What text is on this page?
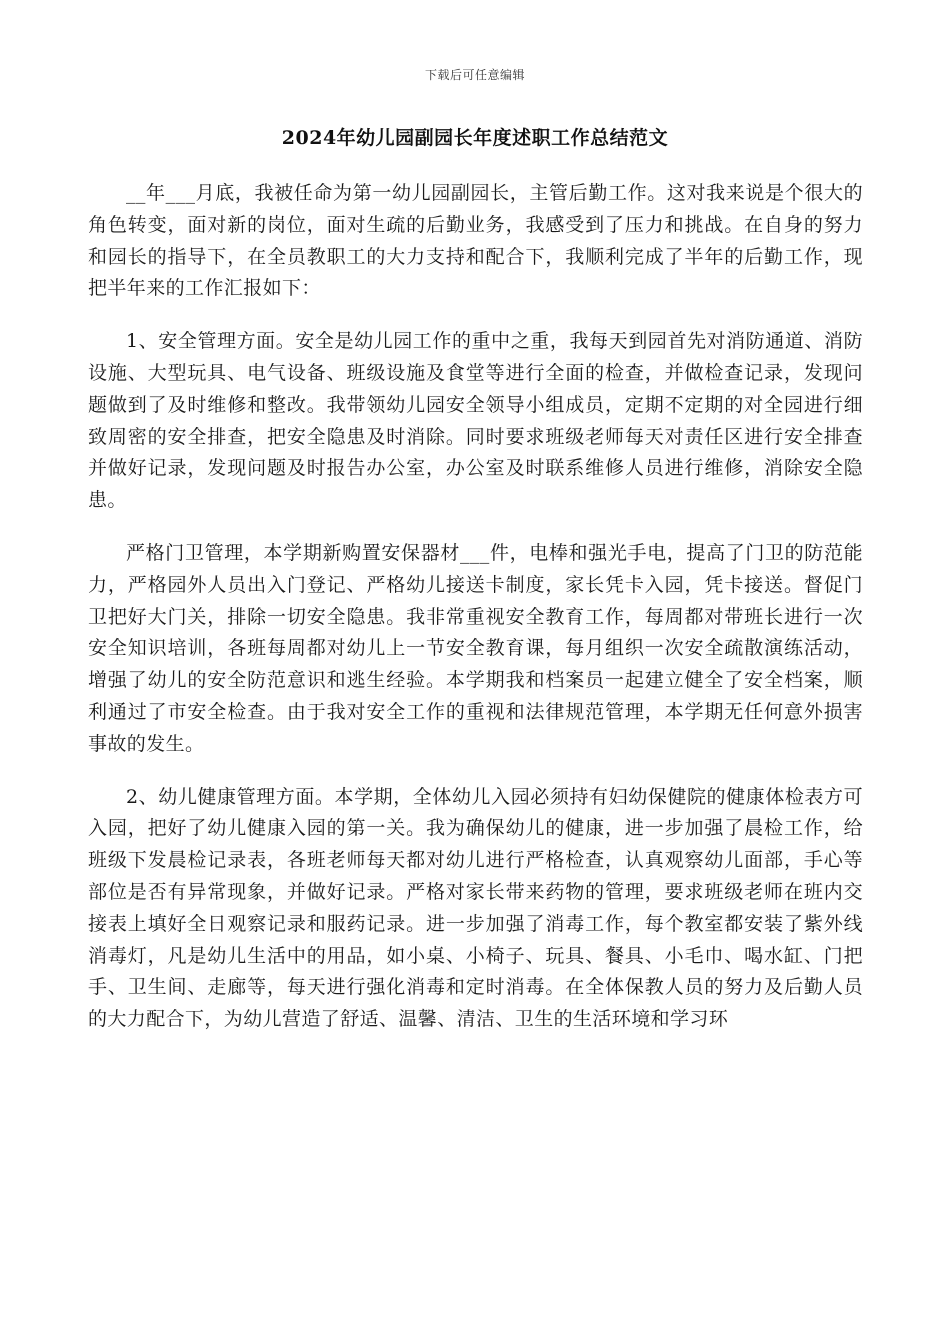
下载后可任意编辑
2024年幼儿园副园长年度述职工作总结范文

__年___月底，我被任命为第一幼儿园副园长，主管后勤工作。这对我来说是个很大的角色转变，面对新的岗位，面对生疏的后勤业务，我感受到了压力和挑战。在自身的努力和园长的指导下，在全员教职工的大力支持和配合下，我顺利完成了半年的后勤工作，现把半年来的工作汇报如下：

1、安全管理方面。安全是幼儿园工作的重中之重，我每天到园首先对消防通道、消防设施、大型玩具、电气设备、班级设施及食堂等进行全面的检查，并做检查记录，发现问题做到了及时维修和整改。我带领幼儿园安全领导小组成员，定期不定期的对全园进行细致周密的安全排查，把安全隐患及时消除。同时要求班级老师每天对责任区进行安全排查并做好记录，发现问题及时报告办公室，办公室及时联系维修人员进行维修，消除安全隐患。

严格门卫管理，本学期新购置安保器材___件，电棒和强光手电，提高了门卫的防范能力，严格园外人员出入门登记、严格幼儿接送卡制度，家长凭卡入园，凭卡接送。督促门卫把好大门关，排除一切安全隐患。我非常重视安全教育工作，每周都对带班长进行一次安全知识培训，各班每周都对幼儿上一节安全教育课，每月组织一次安全疏散演练活动，增强了幼儿的安全防范意识和逃生经验。本学期我和档案员一起建立健全了安全档案，顺利通过了市安全检查。由于我对安全工作的重视和法律规范管理，本学期无任何意外损害事故的发生。

2、幼儿健康管理方面。本学期，全体幼儿入园必须持有妇幼保健院的健康体检表方可入园，把好了幼儿健康入园的第一关。我为确保幼儿的健康，进一步加强了晨检工作，给班级下发晨检记录表，各班老师每天都对幼儿进行严格检查，认真观察幼儿面部，手心等部位是否有异常现象，并做好记录。严格对家长带来药物的管理，要求班级老师在班内交接表上填好全日观察记录和服药记录。进一步加强了消毒工作，每个教室都安装了紫外线消毒灯，凡是幼儿生活中的用品，如小桌、小椅子、玩具、餐具、小毛巾、喝水缸、门把手、卫生间、走廊等，每天进行强化消毒和定时消毒。在全体保教人员的努力及后勤人员的大力配合下，为幼儿营造了舒适、温馨、清洁、卫生的生活环境和学习环
